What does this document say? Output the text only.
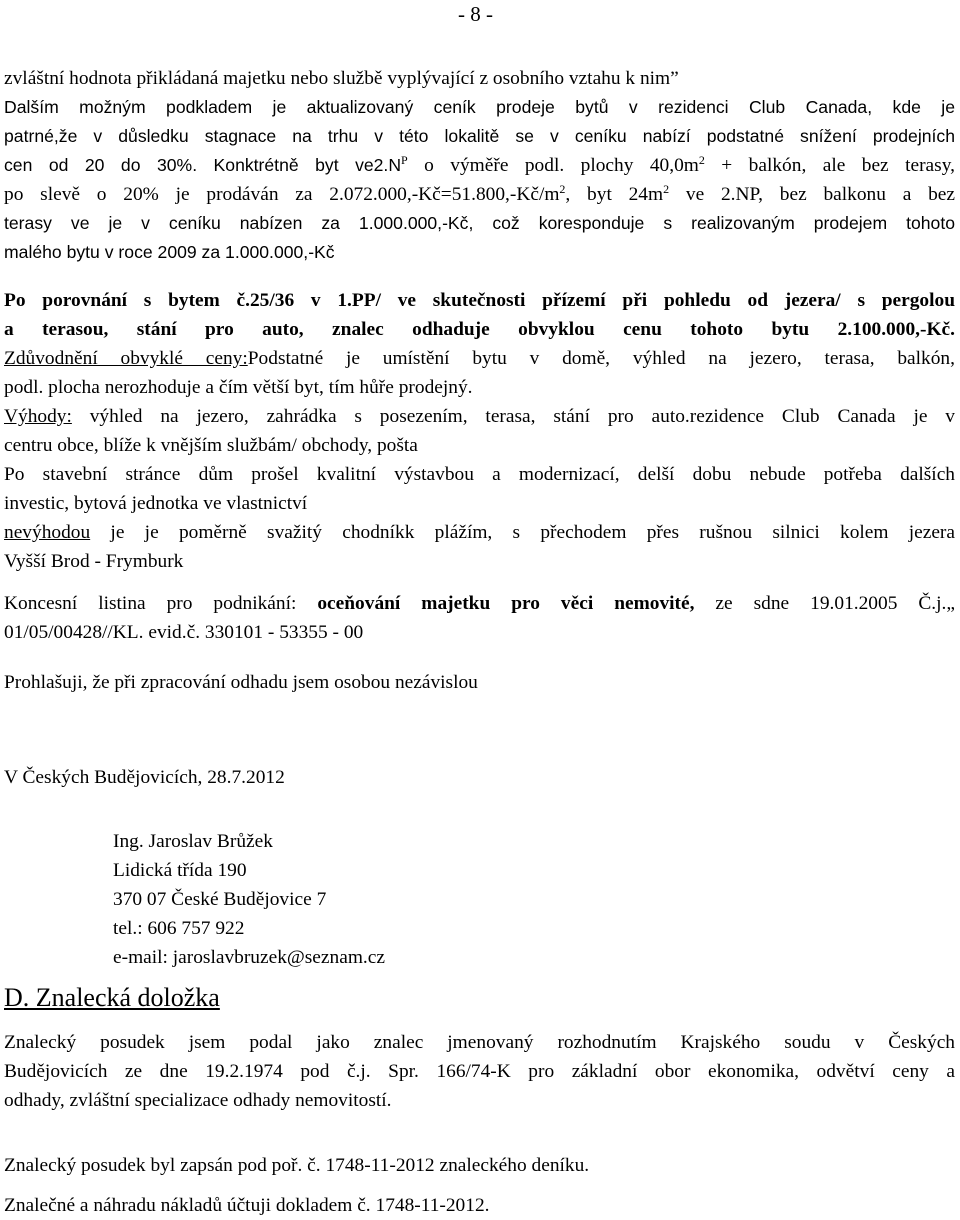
- 8 -
zvláštní hodnota přikládaná majetku nebo službě vyplývající z osobního vztahu k nim”
Dalším možným podkladem je aktualizovaný ceník prodeje bytů v rezidenci Club Canada, kde je
patrné,že v důsledku stagnace na trhu v této lokalitě se v ceníku nabízí podstatné snížení prodejních
cen od 20 do 30%. Konktrétně byt $ve2.N^P$ o výměře podl. plochy $40,0m^2$ + balkón, ale bez terasy,
po slevě o 20% je prodáván za $2.072.000,-Kč=51.800,-Kč/m^2$, byt $24m^2$ ve 2.NP, bez balkonu a bez
terasy ve je v ceníku nabízen za 1.000.000,-Kč, což koresponduje s realizovaným prodejem tohoto
malého bytu v roce 2009 za 1.000.000,-Kč
Po porovnání s bytem č.25/36 v 1.PP/ ve skutečnosti přízemí při pohledu od jezera/ s pergolou
a terasou, stání pro auto, znalec odhaduje obvyklou cenu tohoto bytu 2.100.000,-Kč.
Zdůvodnění obvyklé ceny:Podstatné je umístění bytu v domě, výhled na jezero, terasa, balkón,
podl. plocha nerozhoduje a čím větší byt, tím hůře prodejný.
Výhody: výhled na jezero, zahrádka s posezením, terasa, stání pro auto.rezidence Club Canada je v
centru obce, blíže k vnějším službám/ obchody, pošta
Po stavební stránce dům prošel kvalitní výstavbou a modernizací, delší dobu nebude potřeba dalších
investic, bytová jednotka ve vlastnictví
nevýhodou je je poměrně svažitý chodníkk plážím, s přechodem přes rušnou silnici kolem jezera
Vyšší Brod - Frymburk
Koncesní listina pro podnikání: oceňování majetku pro věci nemovité, ze sdne 19.01.2005 Č.j.„
01/05/00428//KL. evid.č. 330101 - 53355 - 00
Prohlašuji, že při zpracování odhadu jsem osobou nezávislou
V Českých Budějovicích, 28.7.2012
Ing. Jaroslav Brůžek
Lidická třída 190
370 07 České Budějovice 7
tel.: 606 757 922
e-mail: jaroslavbruzek@seznam.cz
D. Znalecká doložka
Znalecký posudek jsem podal jako znalec jmenovaný rozhodnutím Krajského soudu v Českých
Budějovicích ze dne 19.2.1974 pod č.j. Spr. 166/74-K pro základní obor ekonomika, odvětví ceny a
odhady, zvláštní specializace odhady nemovitostí.
Znalecký posudek byl zapsán pod poř. č. 1748-11-2012 znaleckého deníku.
Znalečné a náhradu nákladů účtuji dokladem č. 1748-11-2012.
